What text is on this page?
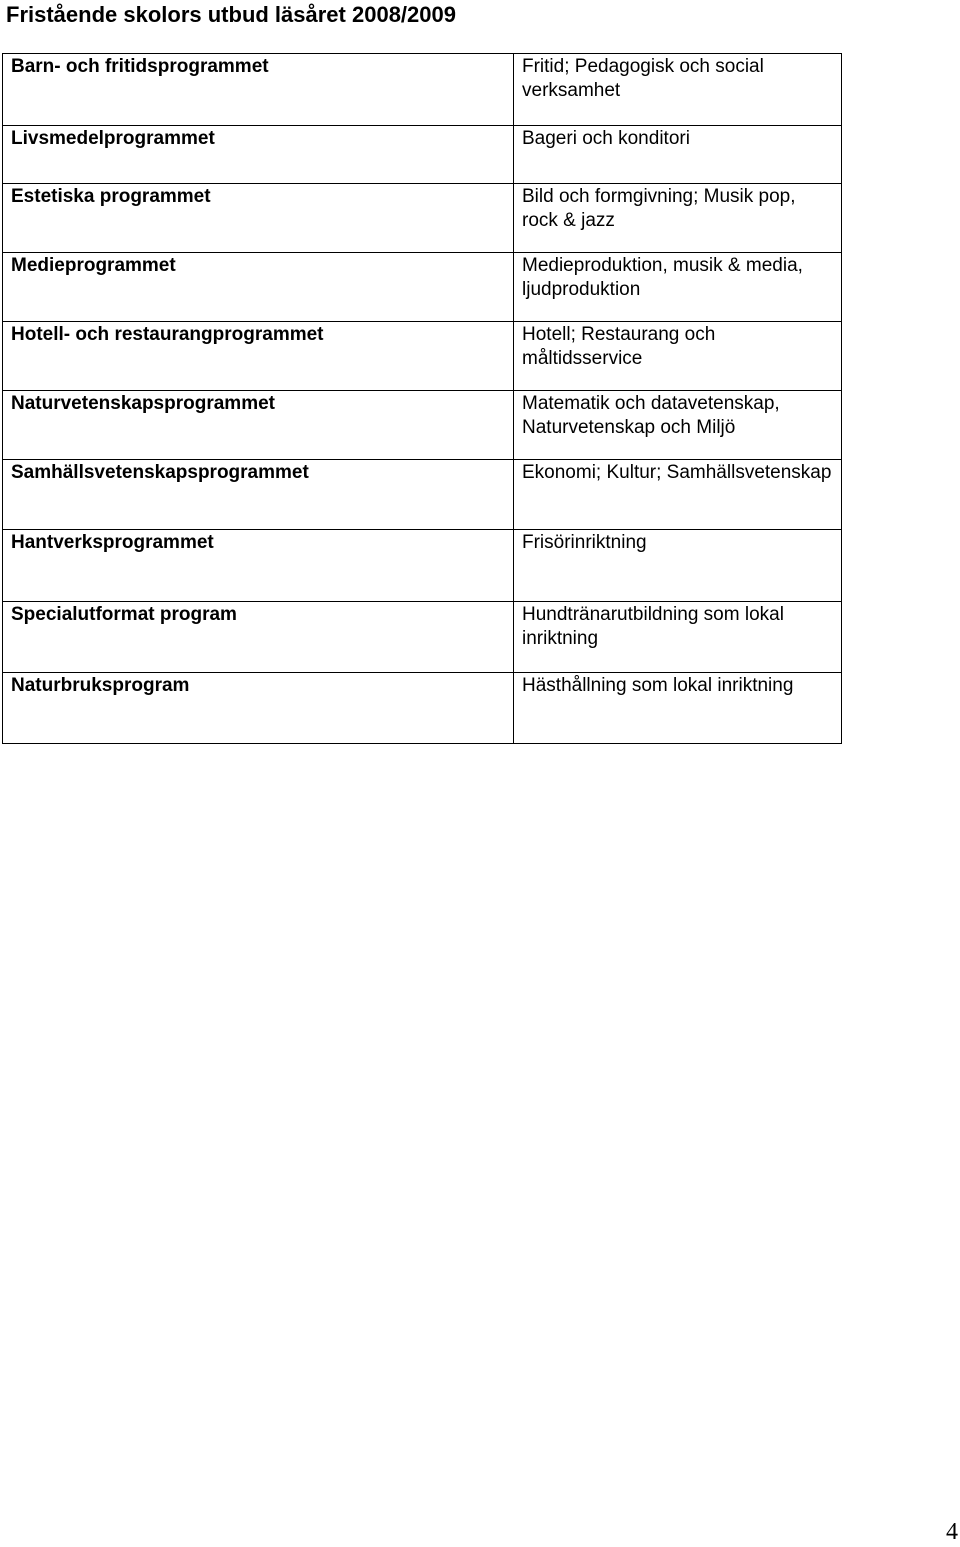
Fristående skolors utbud läsåret 2008/2009
Barn- och fritidsprogrammet	Fritid; Pedagogisk och social verksamhet

Livsmedelprogrammet	Bageri och konditori

Estetiska programmet	Bild och formgivning; Musik pop, rock & jazz

Medieprogrammet	Medieproduktion, musik & media, ljudproduktion

Hotell- och restaurangprogrammet	Hotell; Restaurang och måltidsservice

Naturvetenskapsprogrammet	Matematik och datavetenskap, Naturvetenskap och Miljö

Samhällsvetenskapsprogrammet	Ekonomi; Kultur; Samhällsvetenskap

Hantverksprogrammet	Frisörinriktning

Specialutformat program	Hundtränarutbildning som lokal inriktning

Naturbruksprogram	Hästhållning som lokal inriktning
4
